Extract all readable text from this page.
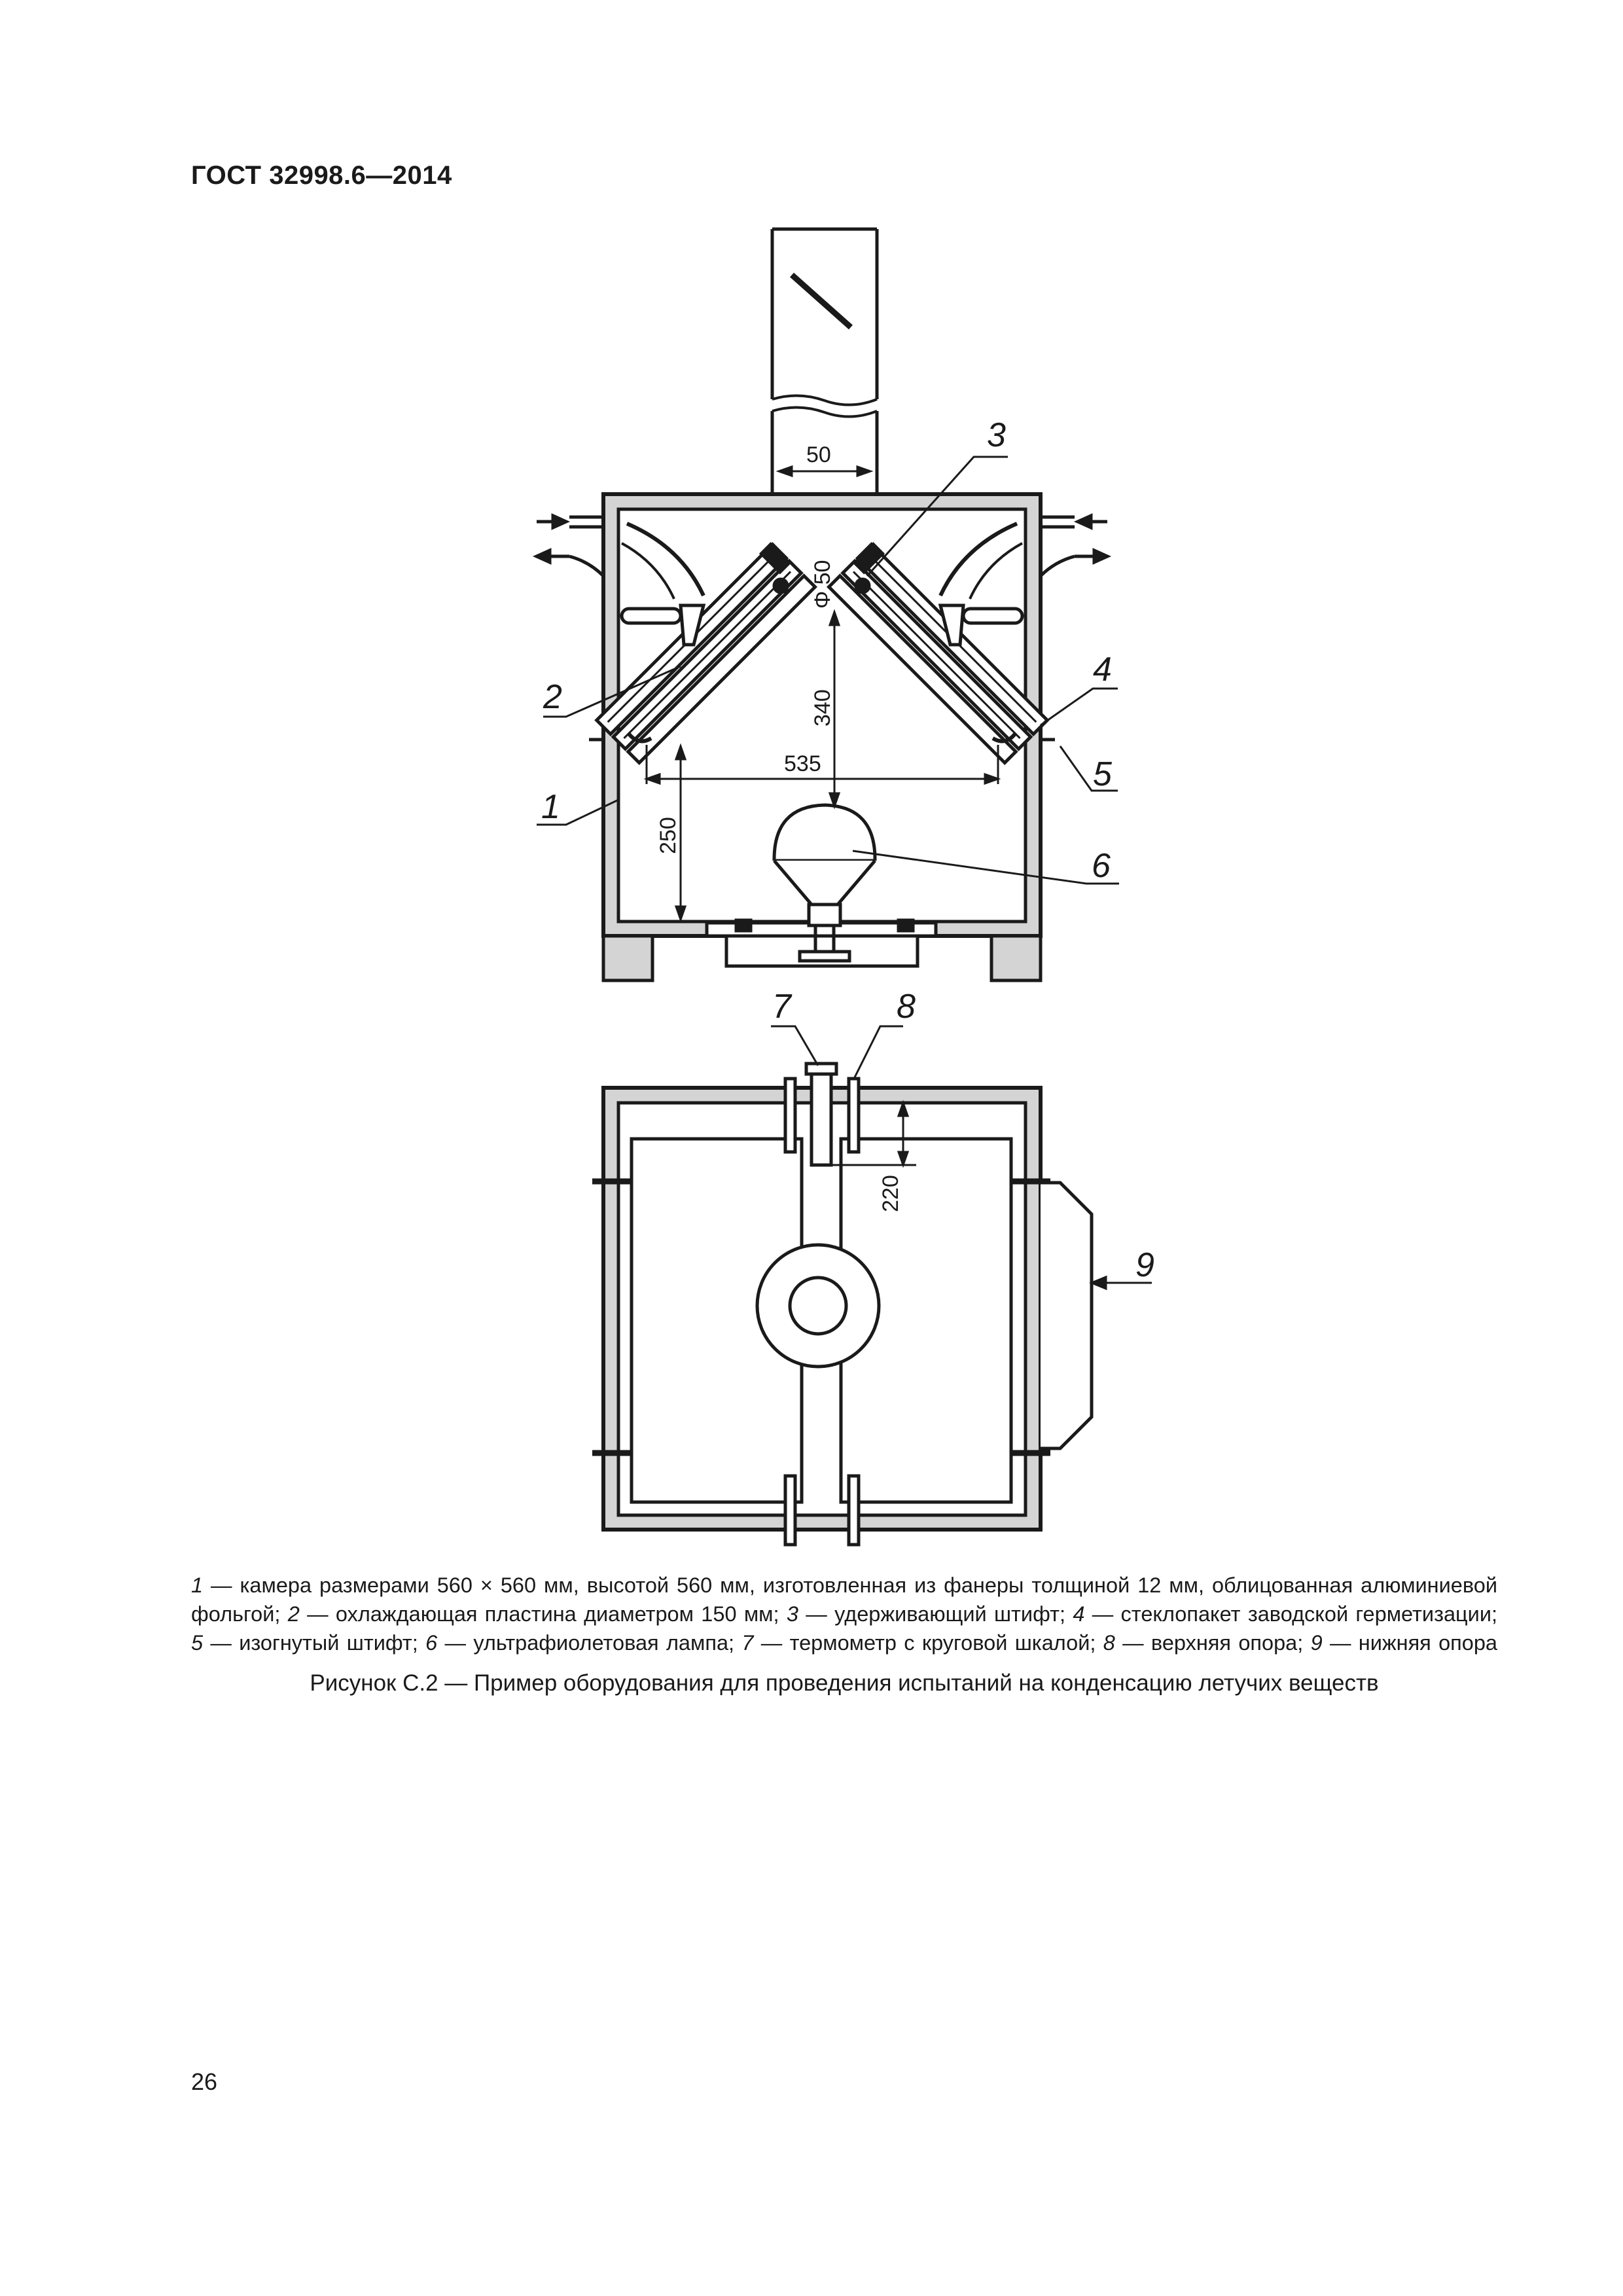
ГОСТ 32998.6—2014
3
2
4
5
1
6
7	8
9
50
Φ 50
340
535
250
220
1 — камера размерами 560 × 560 мм, высотой 560 мм, изготовленная из фанеры толщиной 12 мм, облицованная алюминиевой
фольгой; 2 — охлаждающая пластина диаметром 150 мм; 3 — удерживающий штифт; 4 — стеклопакет заводской герметизации;
5 — изогнутый штифт; 6 — ультрафиолетовая лампа; 7 — термометр с круговой шкалой; 8 — верхняя опора; 9 — нижняя опора
Рисунок С.2 — Пример оборудования для проведения испытаний на конденсацию летучих веществ
26
